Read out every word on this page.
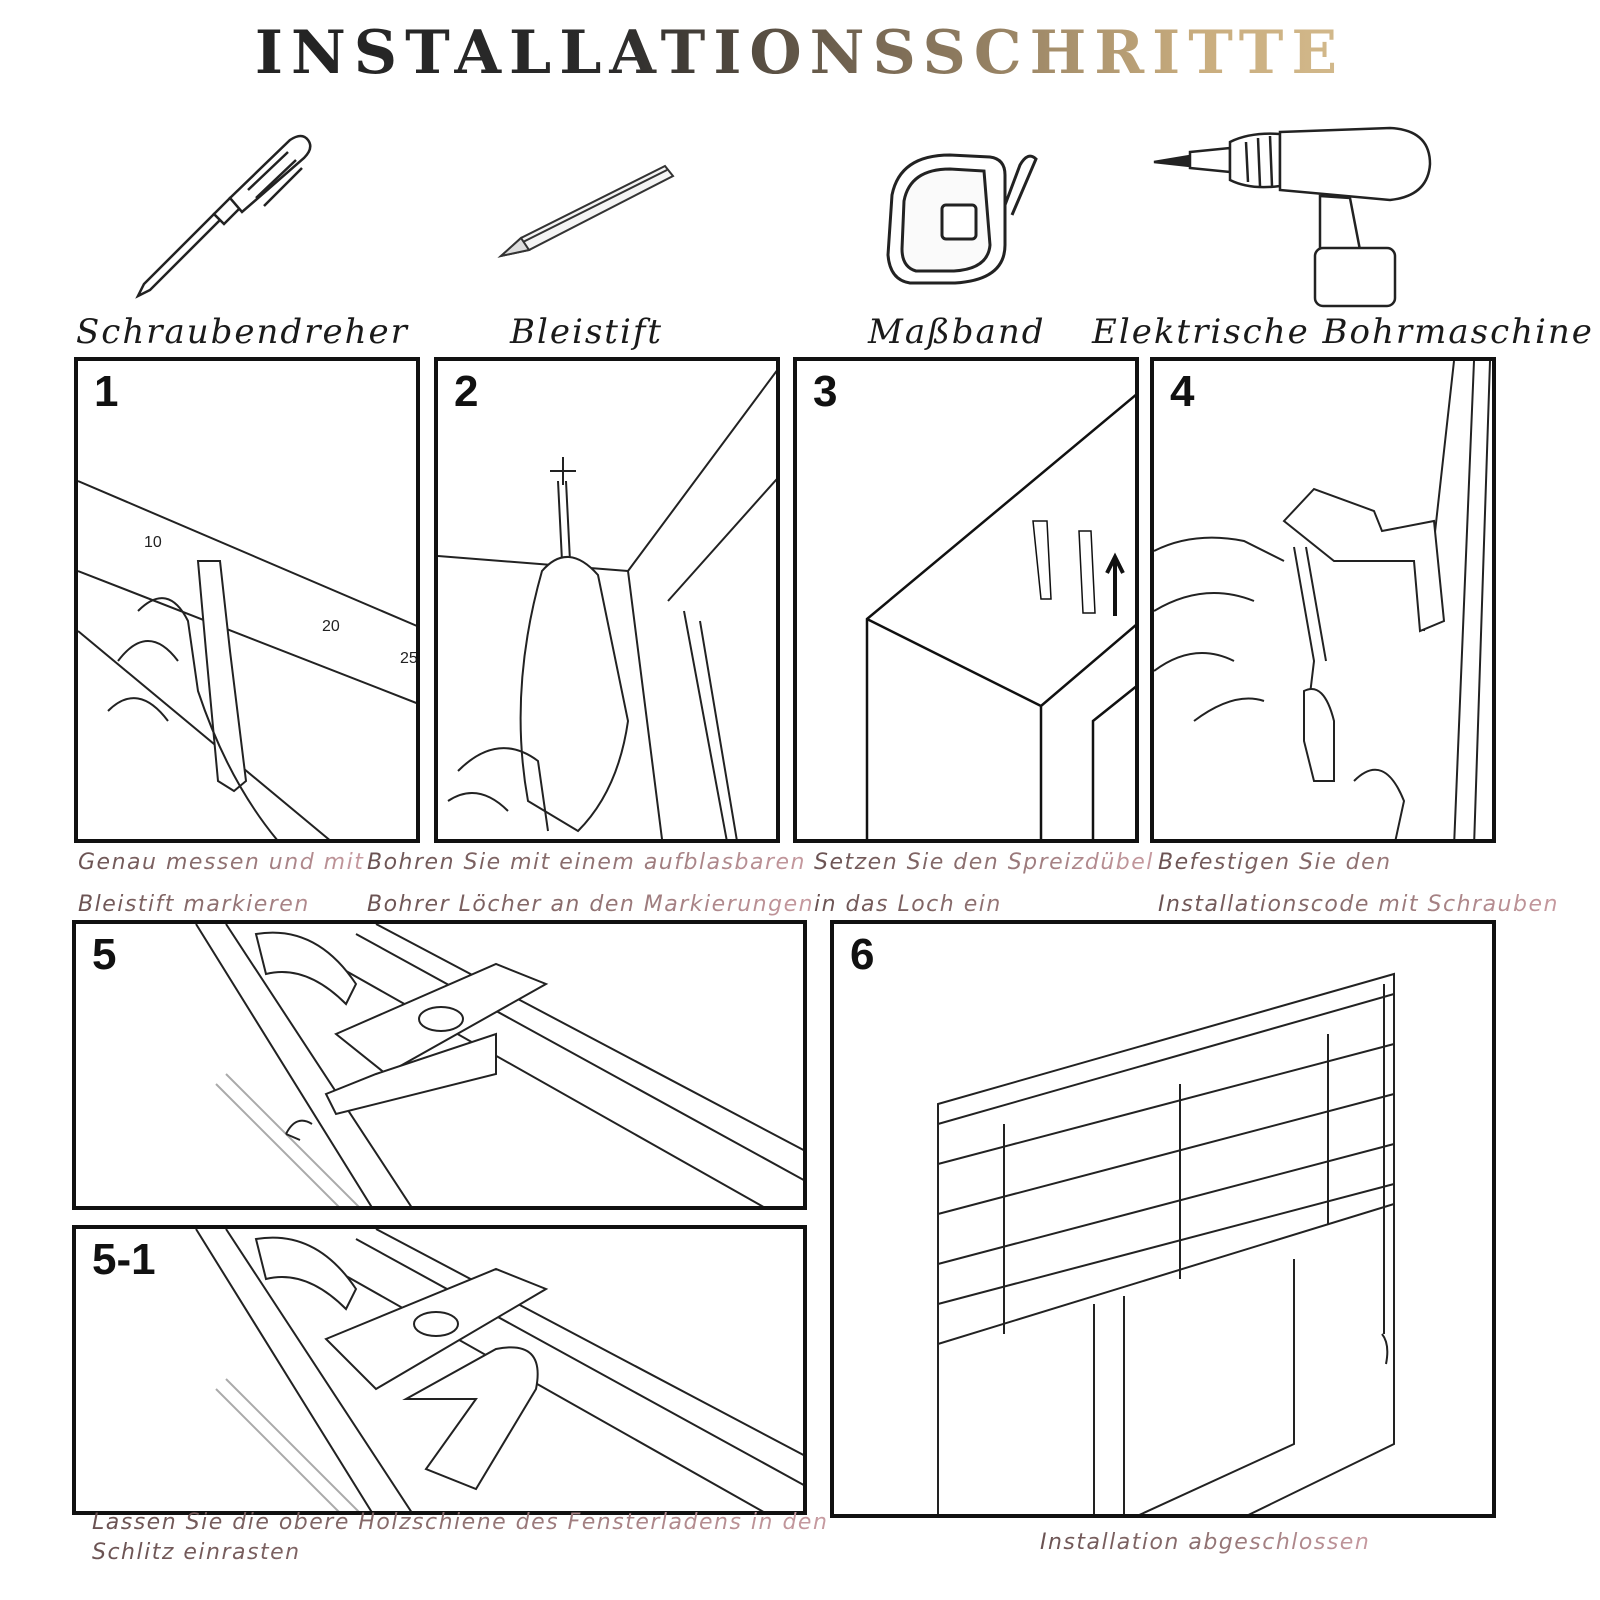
INSTALLATIONSSCHRITTE
Schraubendreher	Bleistift	Maßband Elektrische Bohrmaschine
1
10
20
25
2	3	4
Genau messen und mit
Bleistift markieren
Bohren Sie mit einem aufblasbaren
Bohrer Löcher an den Markierungen
Setzen Sie den Spreizdübel
in das Loch ein
Befestigen Sie den
Installationscode mit Schrauben
5
5-1
Lassen Sie die obere Holzschiene des Fensterladens in den
Schlitz einrasten
6
Installation abgeschlossen
